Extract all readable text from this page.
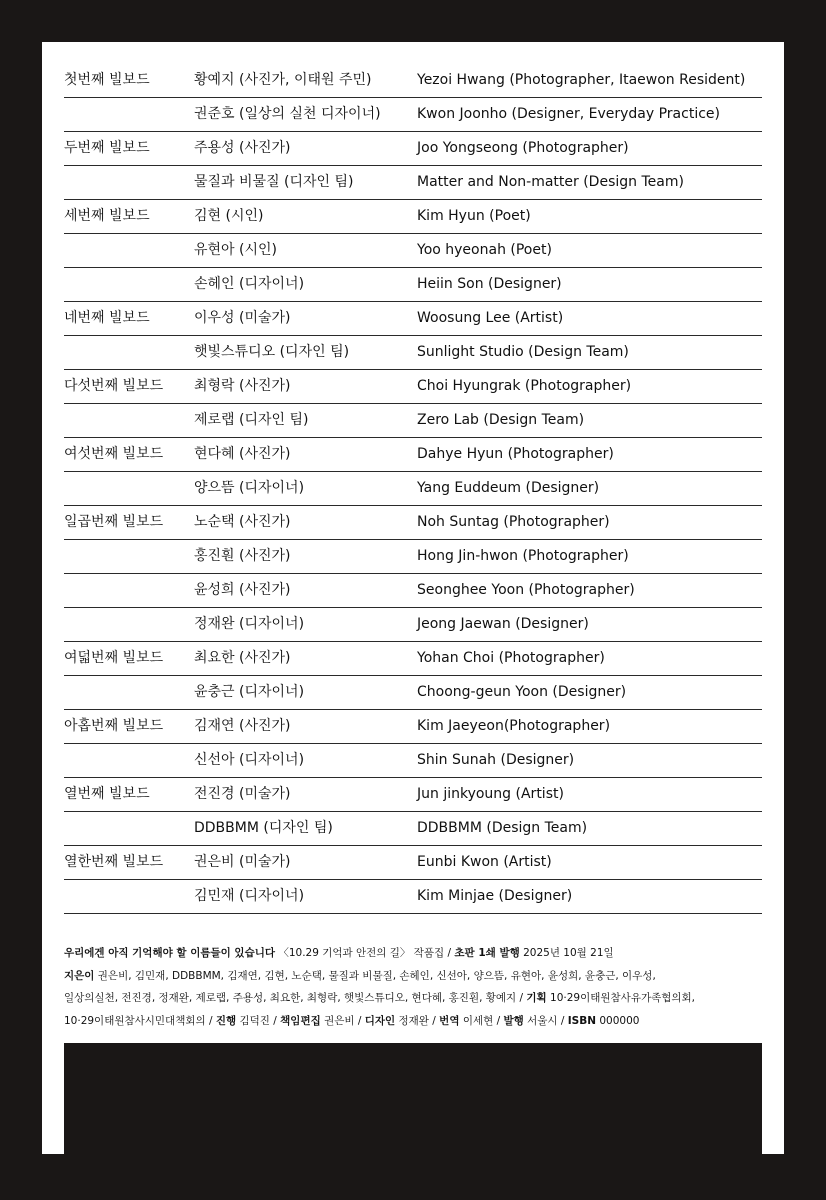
첫번째 빌보드	황예지 (사진가, 이태원 주민)	Yezoi Hwang (Photographer, Itaewon Resident)
권준호 (일상의 실천 디자이너)	Kwon Joonho (Designer, Everyday Practice)
두번째 빌보드	주용성 (사진가)	Joo Yongseong (Photographer)
물질과 비물질 (디자인 팀)	Matter and Non-matter (Design Team)
세번째 빌보드	김현 (시인)	Kim Hyun (Poet)
유현아 (시인)	Yoo hyeonah (Poet)
손헤인 (디자이너)	Heiin Son (Designer)
네번째 빌보드	이우성 (미술가)	Woosung Lee (Artist)
햇빛스튜디오 (디자인 팀)	Sunlight Studio (Design Team)
다섯번째 빌보드 최형락 (사진가)	Choi Hyungrak (Photographer)
제로랩 (디자인 팀)	Zero Lab (Design Team)
여섯번째 빌보드 현다혜 (사진가)	Dahye Hyun (Photographer)
양으뜸 (디자이너)	Yang Euddeum (Designer)
일곱번째 빌보드 노순택 (사진가)	Noh Suntag (Photographer)
홍진훤 (사진가)	Hong Jin-hwon (Photographer)
윤성희 (사진가)	Seonghee Yoon (Photographer)
정재완 (디자이너)	Jeong Jaewan (Designer)
여덟번째 빌보드 최요한 (사진가)	Yohan Choi (Photographer)
윤충근 (디자이너)	Choong-geun Yoon (Designer)
아홉번째 빌보드 김재연 (사진가)	Kim Jaeyeon(Photographer)
신선아 (디자이너)	Shin Sunah (Designer)
열번째 빌보드	전진경 (미술가)	Jun jinkyoung (Artist)
DDBBMM (디자인 팀)	DDBBMM (Design Team)
열한번째 빌보드 권은비 (미술가)	Eunbi Kwon (Artist)
김민재 (디자이너)	Kim Minjae (Designer)
우리에겐 아직 기억해야 할 이름들이 있습니다 〈10.29 기억과 안전의 길〉 작품집 / 초판 1쇄 발행 2025년 10월 21일
지은이 권은비, 김민재, DDBBMM, 김재연, 김현, 노순택, 물질과 비물질, 손헤인, 신선아, 양으뜸, 유현아, 윤성희, 윤충근, 이우성,
일상의실천, 전진경, 정재완, 제로랩, 주용성, 최요한, 최형락, 햇빛스튜디오, 현다혜, 홍진훤, 황예지 / 기획 10·29이태원참사유가족협의회,
10·29이태원참사시민대책회의 / 진행 김덕진 / 책임편집 권은비 / 디자인 정재완 / 번역 이세현 / 발행 서울시 / ISBN 000000
